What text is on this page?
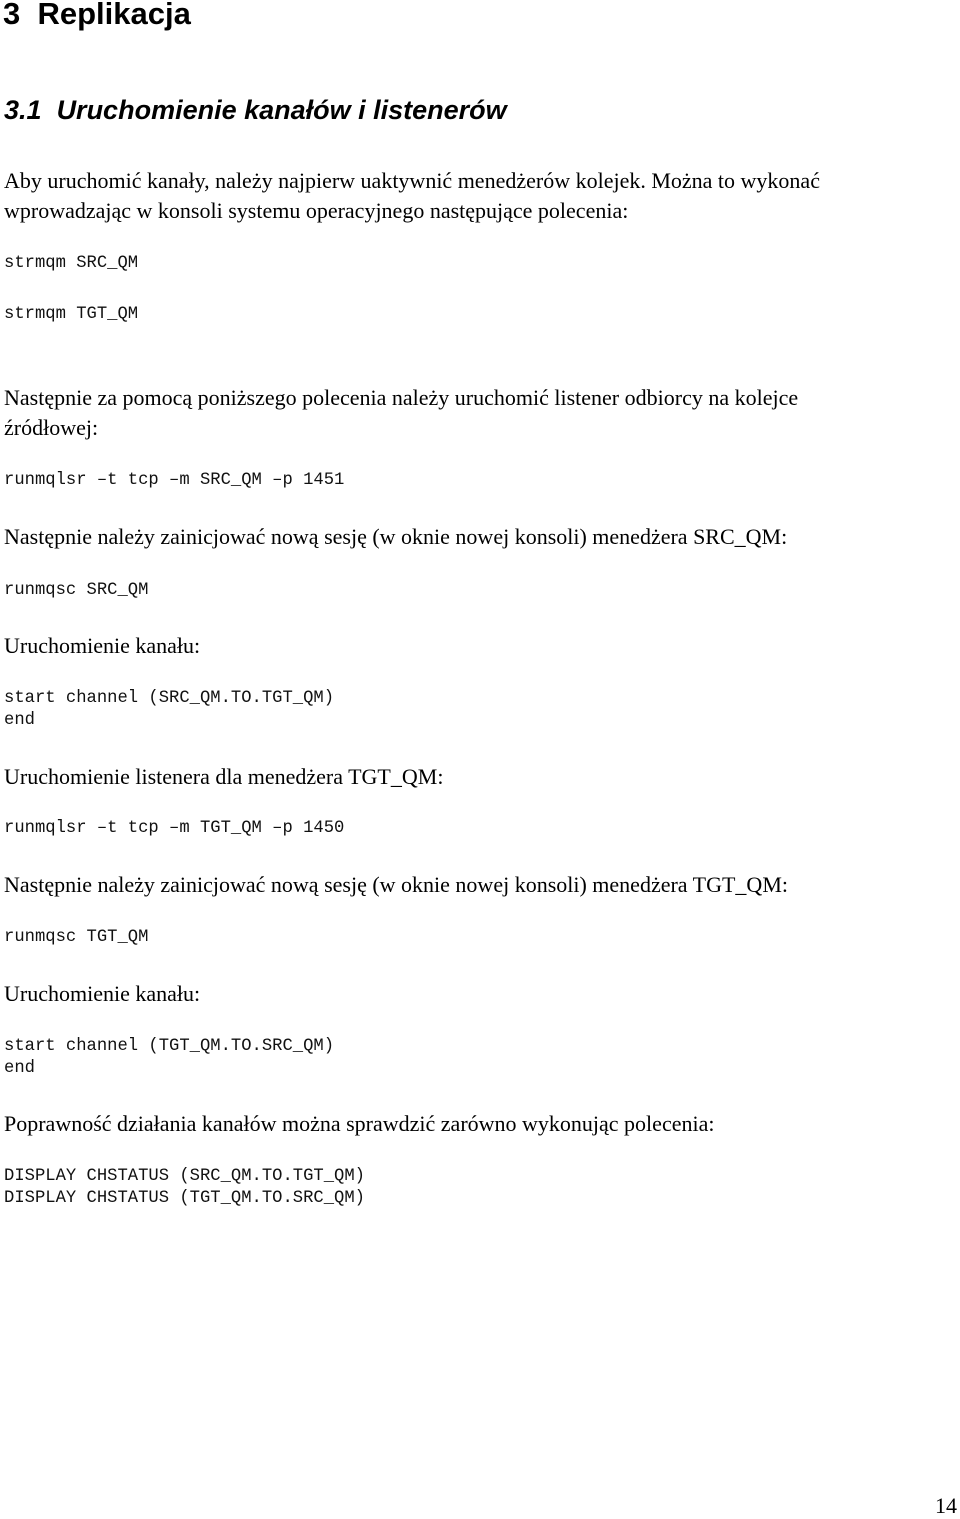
3 Replikacja
3.1 Uruchomienie kanałów i listenerów
Aby uruchomić kanały, należy najpierw uaktywnić menedżerów kolejek. Można to wykonać
wprowadzając w konsoli systemu operacyjnego następujące polecenia:
strmqm SRC_QM
strmqm TGT_QM
Następnie za pomocą poniższego polecenia należy uruchomić listener odbiorcy na kolejce
źródłowej:
runmqlsr –t tcp –m SRC_QM –p 1451
Następnie należy zainicjować nową sesję (w oknie nowej konsoli) menedżera SRC_QM:
runmqsc SRC_QM
Uruchomienie kanału:
start channel (SRC_QM.TO.TGT_QM)
end
Uruchomienie listenera dla menedżera TGT_QM:
runmqlsr –t tcp –m TGT_QM –p 1450
Następnie należy zainicjować nową sesję (w oknie nowej konsoli) menedżera TGT_QM:
runmqsc TGT_QM
Uruchomienie kanału:
start channel (TGT_QM.TO.SRC_QM)
end
Poprawność działania kanałów można sprawdzić zarówno wykonując polecenia:
DISPLAY CHSTATUS (SRC_QM.TO.TGT_QM)
DISPLAY CHSTATUS (TGT_QM.TO.SRC_QM)
14
